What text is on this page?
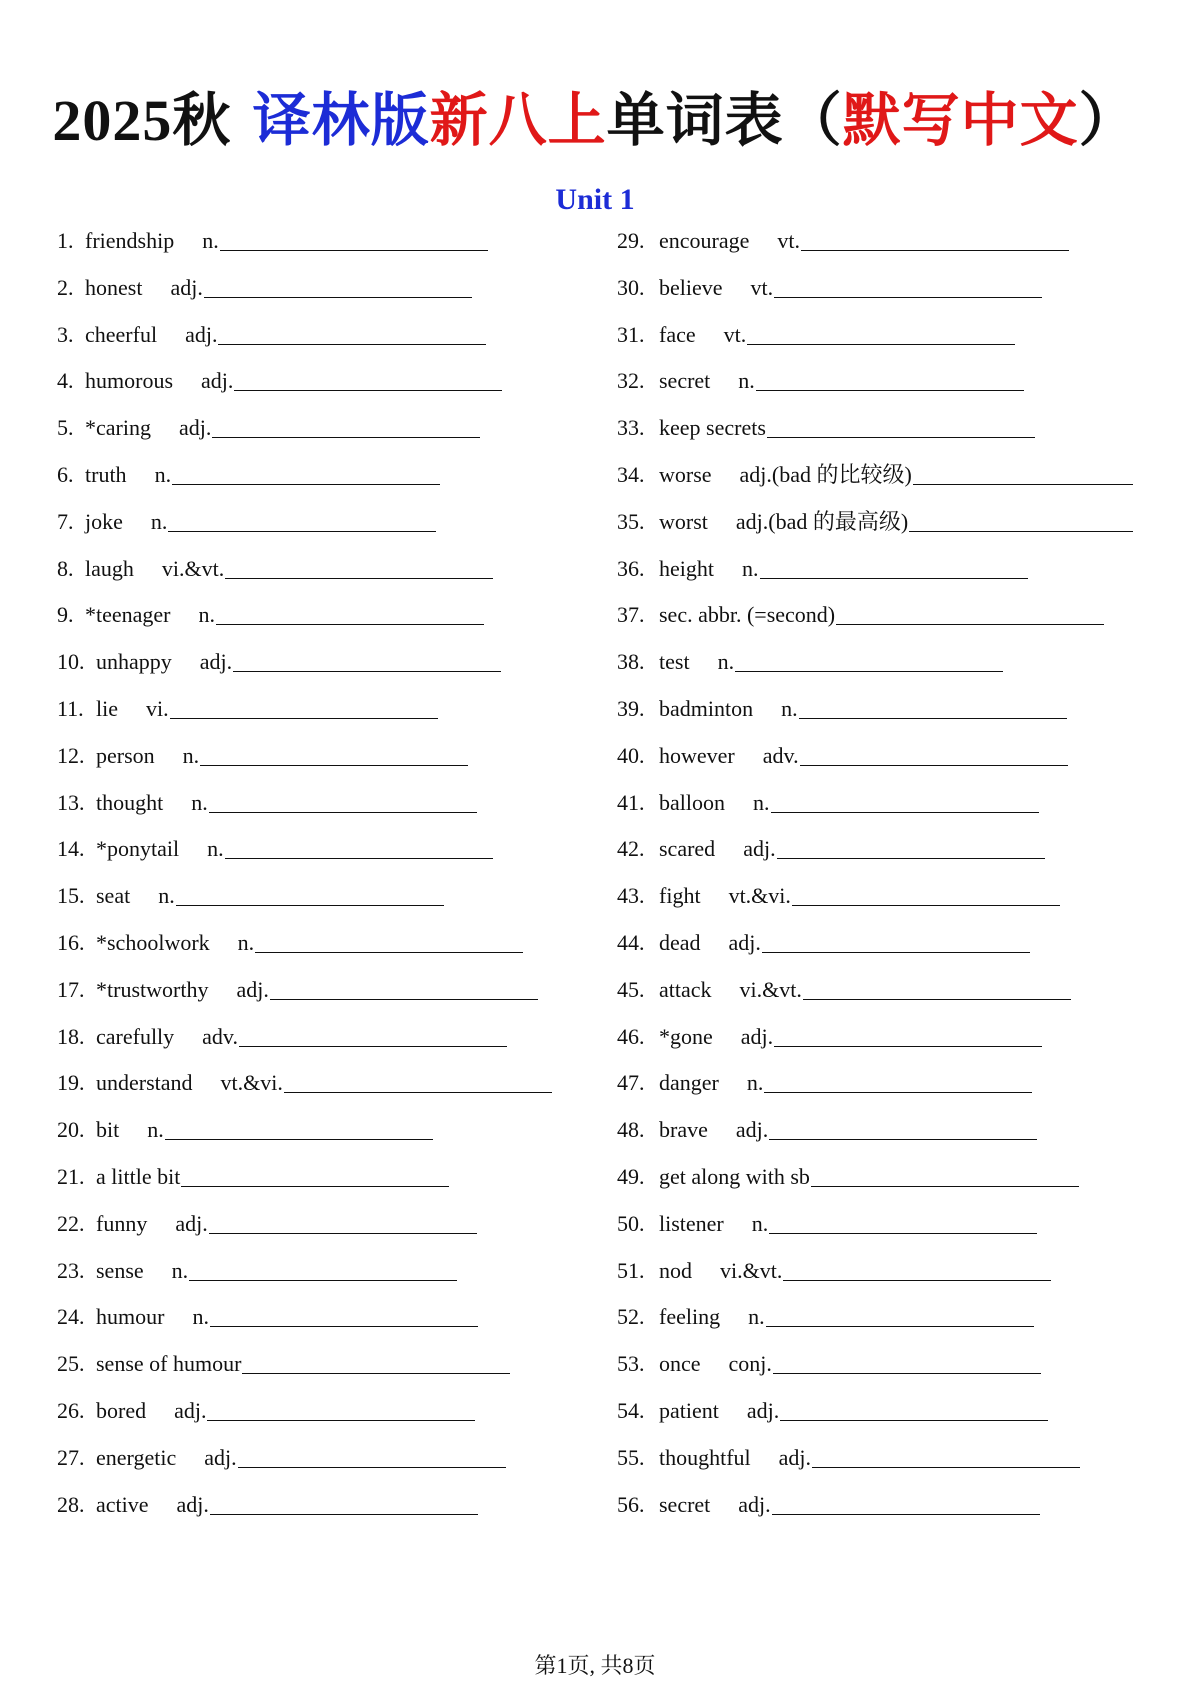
2025秋 译林版新八上单词表（默写中文）
Unit 1
1. friendship n.
2. honest adj.
3. cheerful adj.
4. humorous adj.
5. *caring adj.
6. truth n.
7. joke n.
8. laugh vi.&vt.
9. *teenager n.
10. unhappy adj.
11. lie vi.
12. person n.
13. thought n.
14. *ponytail n.
15. seat n.
16. *schoolwork n.
17. *trustworthy adj.
18. carefully adv.
19. understand vt.&vi.
20. bit n.
21. a little bit
22. funny adj.
23. sense n.
24. humour n.
25. sense of humour
26. bored adj.
27. energetic adj.
28. active adj.
29. encourage vt.
30. believe vt.
31. face vt.
32. secret n.
33. keep secrets
34. worse adj.(bad 的比较级)
35. worst adj.(bad 的最高级)
36. height n.
37. sec. abbr. (=second)
38. test n.
39. badminton n.
40. however adv.
41. balloon n.
42. scared adj.
43. fight vt.&vi.
44. dead adj.
45. attack vi.&vt.
46. *gone adj.
47. danger n.
48. brave adj.
49. get along with sb
50. listener n.
51. nod vi.&vt.
52. feeling n.
53. once conj.
54. patient adj.
55. thoughtful adj.
56. secret adj.
第1页, 共8页
